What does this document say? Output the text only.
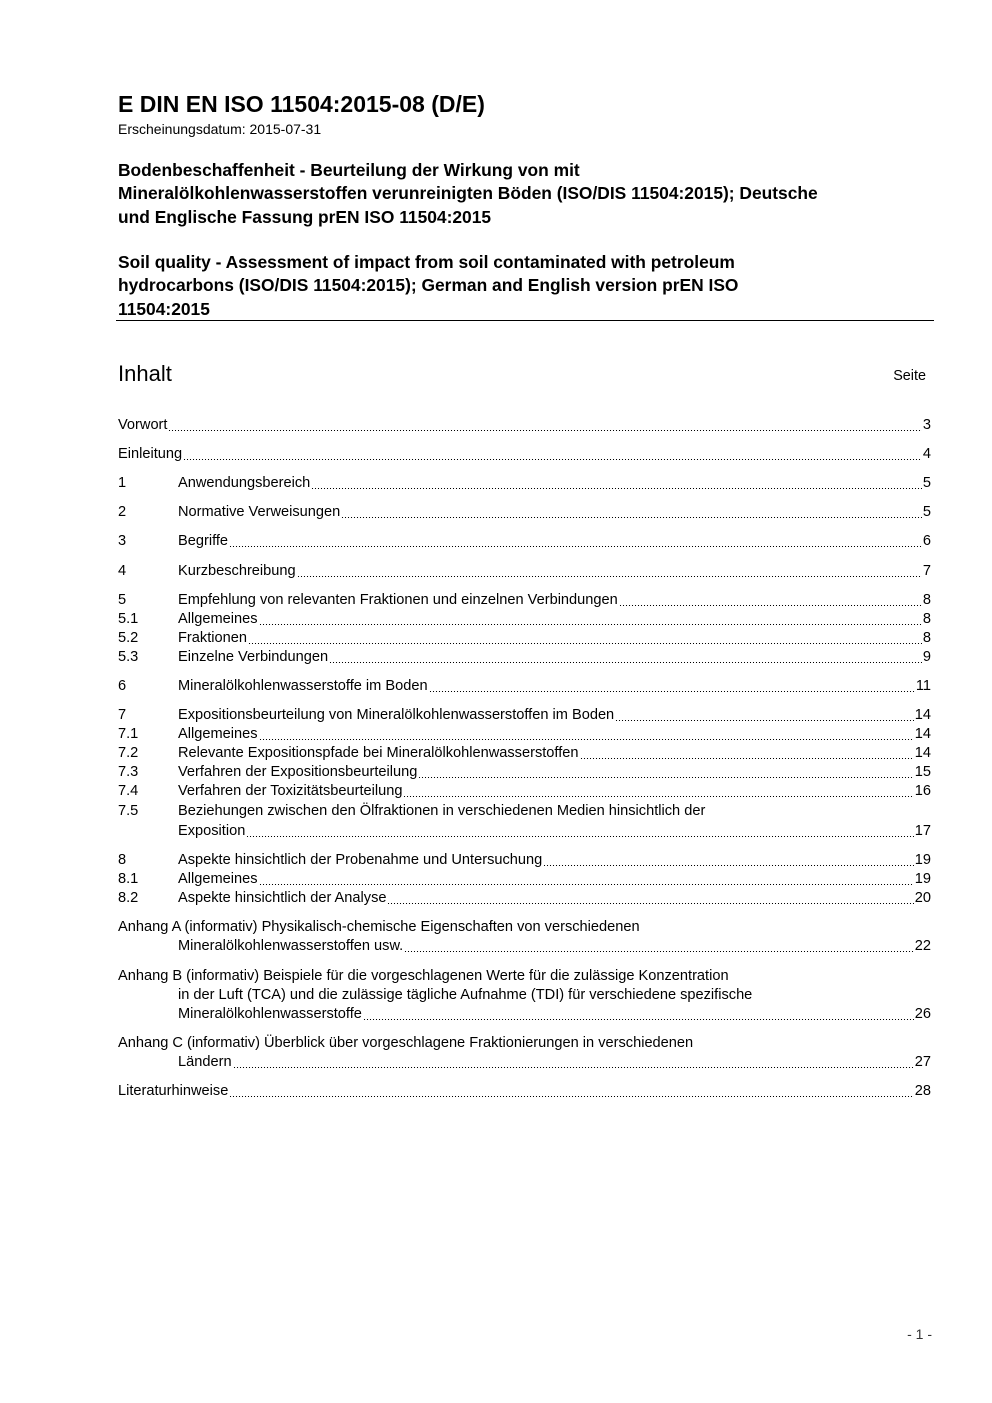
E DIN EN ISO 11504:2015-08 (D/E)
Erscheinungsdatum: 2015-07-31
Bodenbeschaffenheit - Beurteilung der Wirkung von mit
Mineralölkohlenwasserstoffen verunreinigten Böden (ISO/DIS 11504:2015); Deutsche
und Englische Fassung prEN ISO 11504:2015
Soil quality - Assessment of impact from soil contaminated with petroleum
hydrocarbons (ISO/DIS 11504:2015); German and English version prEN ISO
11504:2015
Inhalt	Seite
Vorwort	3
Einleitung	4
1	Anwendungsbereich	5
2	Normative Verweisungen	5
3	Begriffe	6
4	Kurzbeschreibung	7
5	Empfehlung von relevanten Fraktionen und einzelnen Verbindungen	8
5.1	Allgemeines	8
5.2	Fraktionen	8
5.3	Einzelne Verbindungen	9
6	Mineralölkohlenwasserstoffe im Boden	11
7	Expositionsbeurteilung von Mineralölkohlenwasserstoffen im Boden	14
7.1	Allgemeines	14
7.2	Relevante Expositionspfade bei Mineralölkohlenwasserstoffen	14
7.3	Verfahren der Expositionsbeurteilung	15
7.4	Verfahren der Toxizitätsbeurteilung	16
7.5	Beziehungen zwischen den Ölfraktionen in verschiedenen Medien hinsichtlich der
Exposition	17
8	Aspekte hinsichtlich der Probenahme und Untersuchung	19
8.1	Allgemeines	19
8.2	Aspekte hinsichtlich der Analyse	20
Anhang A (informativ) Physikalisch-chemische Eigenschaften von verschiedenen
Mineralölkohlenwasserstoffen usw.	22
Anhang B (informativ) Beispiele für die vorgeschlagenen Werte für die zulässige Konzentration
in der Luft (TCA) und die zulässige tägliche Aufnahme (TDI) für verschiedene spezifische
Mineralölkohlenwasserstoffe	26
Anhang C (informativ) Überblick über vorgeschlagene Fraktionierungen in verschiedenen
Ländern	27
Literaturhinweise	28
- 1 -
